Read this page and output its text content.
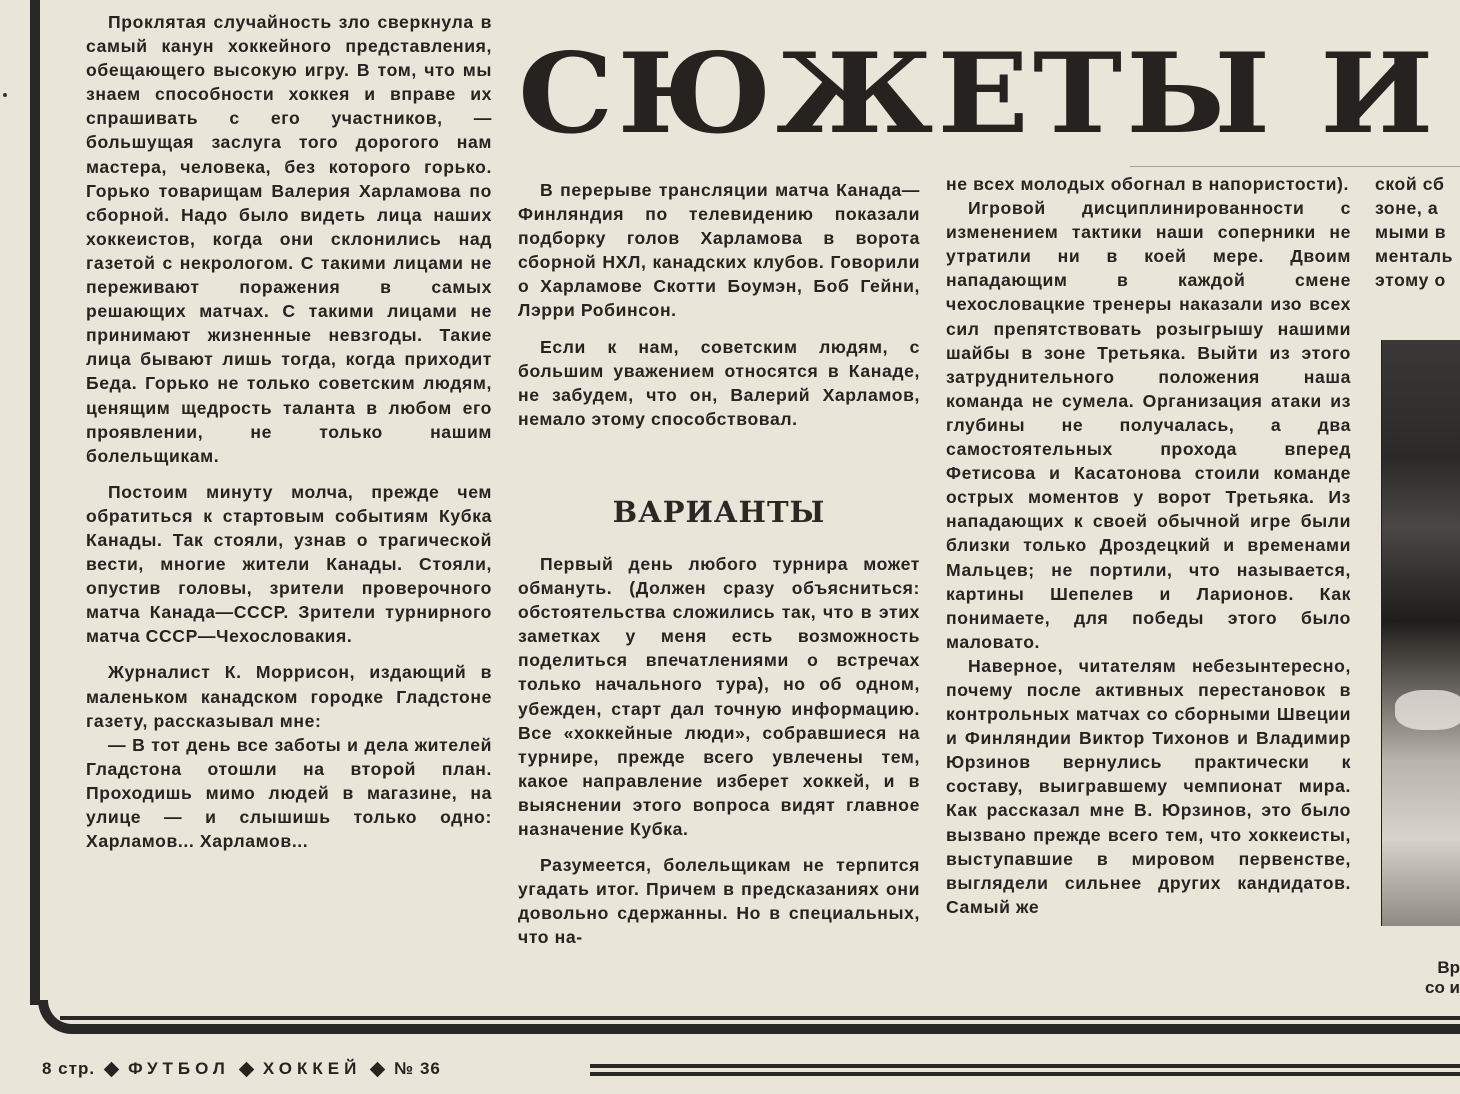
Проклятая случайность зло сверкнула в самый канун хоккейного представления, обещающего высокую игру. В том, что мы знаем способности хоккея и вправе их спрашивать с его участников, — большущая заслуга того дорогого нам мастера, человека, без которого горько. Горько товарищам Валерия Харламова по сборной. Надо было видеть лица наших хоккеистов, когда они склонились над газетой с некрологом. С такими лицами не переживают поражения в самых решающих матчах. С такими лицами не принимают жизненные невзгоды. Такие лица бывают лишь тогда, когда приходит Беда. Горько не только советским людям, ценящим щедрость таланта в любом его проявлении, не только нашим болельщикам.

Постоим минуту молча, прежде чем обратиться к стартовым событиям Кубка Канады. Так стояли, узнав о трагической вести, многие жители Канады. Стояли, опустив головы, зрители проверочного матча Канада—СССР. Зрители турнирного матча СССР—Чехословакия.

Журналист К. Моррисон, издающий в маленьком канадском городке Гладстоне газету, рассказывал мне:

— В тот день все заботы и дела жителей Гладстона отошли на второй план. Проходишь мимо людей в магазине, на улице — и слышишь только одно: Харламов... Харламов...

СЮЖЕТЫ И

В перерыве трансляции матча Канада—Финляндия по телевидению показали подборку голов Харламова в ворота сборной НХЛ, канадских клубов. Говорили о Харламове Скотти Боумэн, Боб Гейни, Лэрри Робинсон.

Если к нам, советским людям, с большим уважением относятся в Канаде, не забудем, что он, Валерий Харламов, немало этому способствовал.

ВАРИАНТЫ

Первый день любого турнира может обмануть. (Должен сразу объясниться: обстоятельства сложились так, что в этих заметках у меня есть возможность поделиться впечатлениями о встречах только начального тура), но об одном, убежден, старт дал точную информацию. Все «хоккейные люди», собравшиеся на турнире, прежде всего увлечены тем, какое направление изберет хоккей, и в выяснении этого вопроса видят главное назначение Кубка.

Разумеется, болельщикам не терпится угадать итог. Причем в предсказаниях они довольно сдержанны. Но в специальных, что на-

не всех молодых обогнал в напористости).

Игровой дисциплинированности с изменением тактики наши соперники не утратили ни в коей мере. Двоим нападающим в каждой смене чехословацкие тренеры наказали изо всех сил препятствовать розыгрышу нашими шайбы в зоне Третьяка. Выйти из этого затруднительного положения наша команда не сумела. Организация атаки из глубины не получалась, а два самостоятельных прохода вперед Фетисова и Касатонова стоили команде острых моментов у ворот Третьяка. Из нападающих к своей обычной игре были близки только Дроздецкий и временами Мальцев; не портили, что называется, картины Шепелев и Ларионов. Как понимаете, для победы этого было маловато.

Наверное, читателям небезынтересно, почему после активных перестановок в контрольных матчах со сборными Швеции и Финляндии Виктор Тихонов и Владимир Юрзинов вернулись практически к составу, выигравшему чемпионат мира. Как рассказал мне В. Юрзинов, это было вызвано прежде всего тем, что хоккеисты, выступавшие в мировом первенстве, выглядели сильнее других кандидатов. Самый же

ской сб

зоне, а

мыми в

менталь

этому о

Вр
со и
8 стр. ФУТБОЛ ХОККЕЙ № 36
